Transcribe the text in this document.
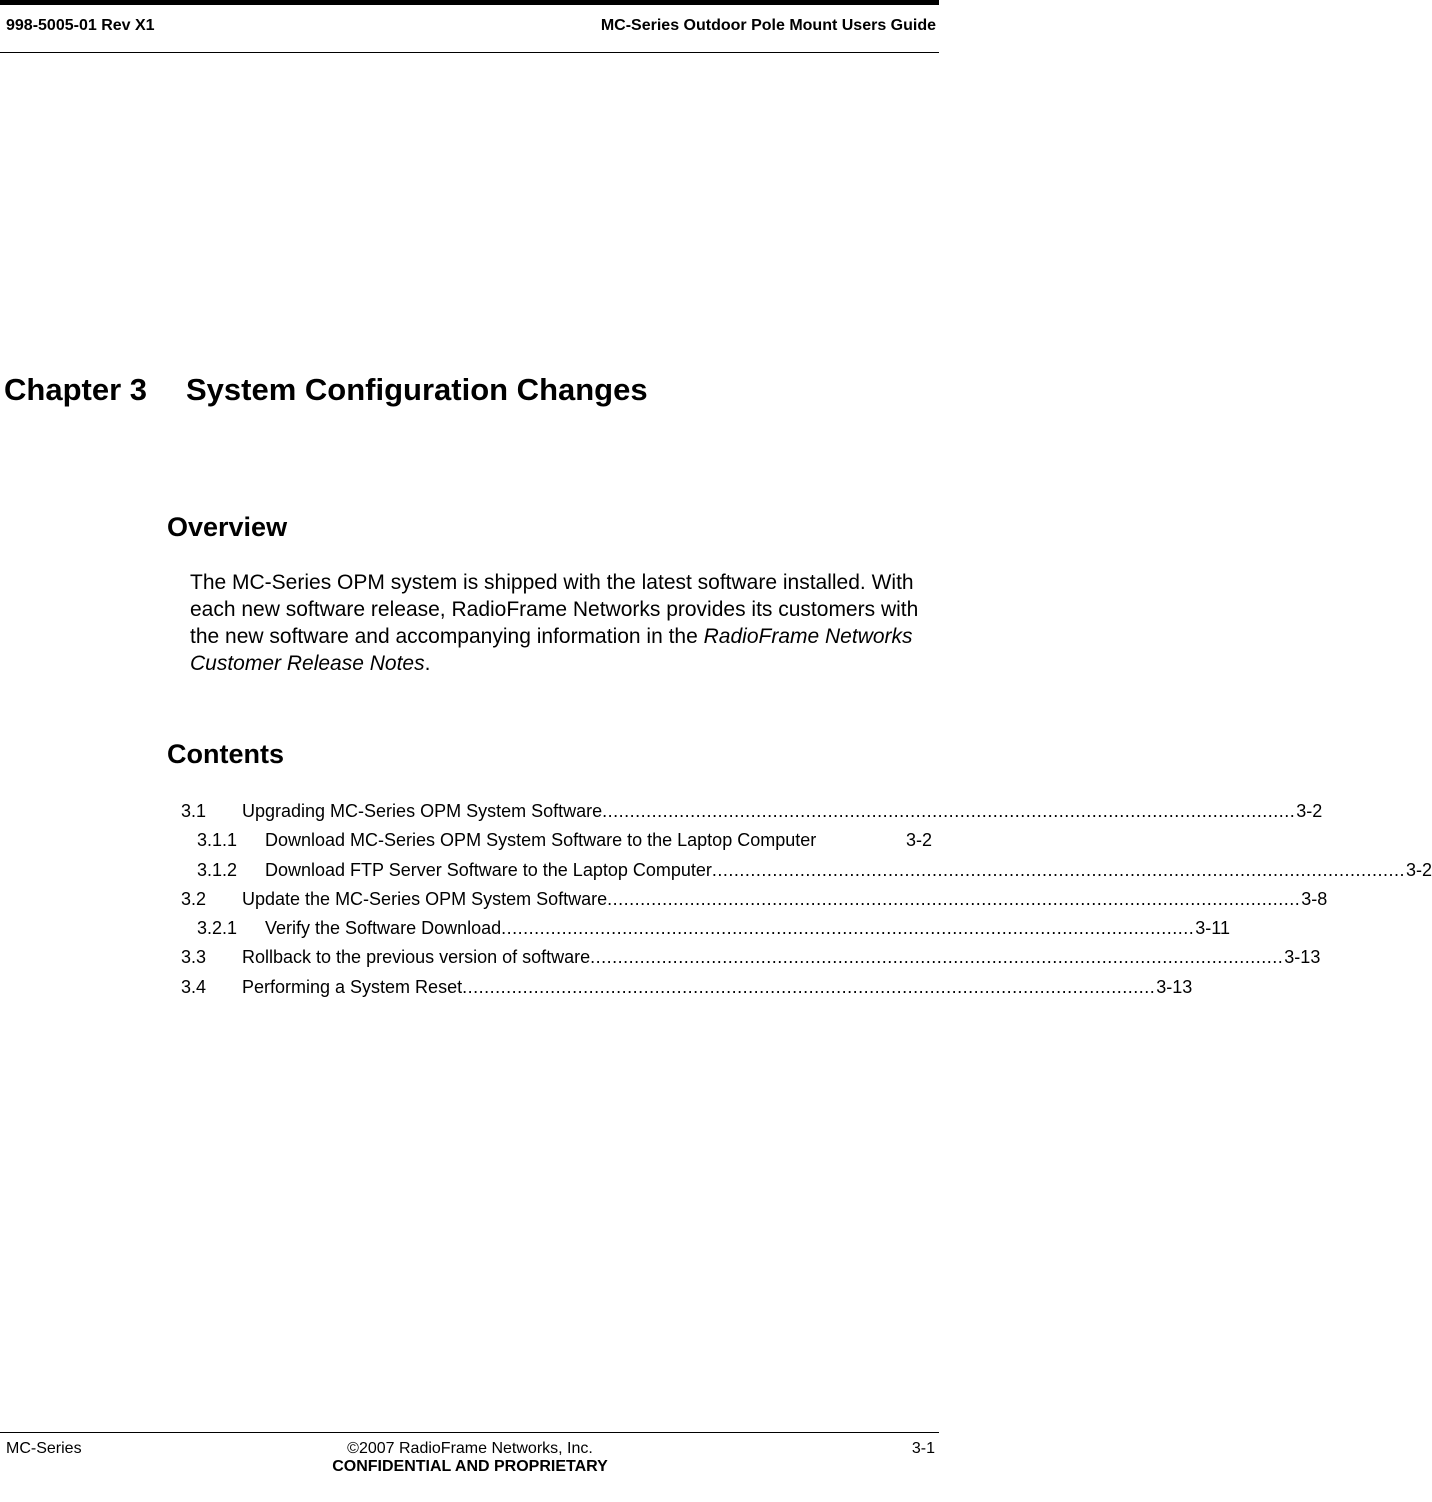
998-5005-01 Rev X1	MC-Series Outdoor Pole Mount Users Guide
Chapter 3 System Configuration Changes
Overview
The MC-Series OPM system is shipped with the latest software installed. With each new software release, RadioFrame Networks provides its customers with the new software and accompanying information in the RadioFrame Networks Customer Release Notes.
Contents
3.1 Upgrading MC-Series OPM System Software .............................................................................................................................. 3-2
3.1.1 Download MC-Series OPM System Software to the Laptop Computer	3-2
3.1.2 Download FTP Server Software to the Laptop Computer .............................................................................................................................. 3-2
3.2 Update the MC-Series OPM System Software .............................................................................................................................. 3-8
3.2.1 Verify the Software Download .............................................................................................................................. 3-11
3.3 Rollback to the previous version of software .............................................................................................................................. 3-13
3.4 Performing a System Reset .............................................................................................................................. 3-13
MC-Series	©2007 RadioFrame Networks, Inc.
CONFIDENTIAL AND PROPRIETARY
3-1
